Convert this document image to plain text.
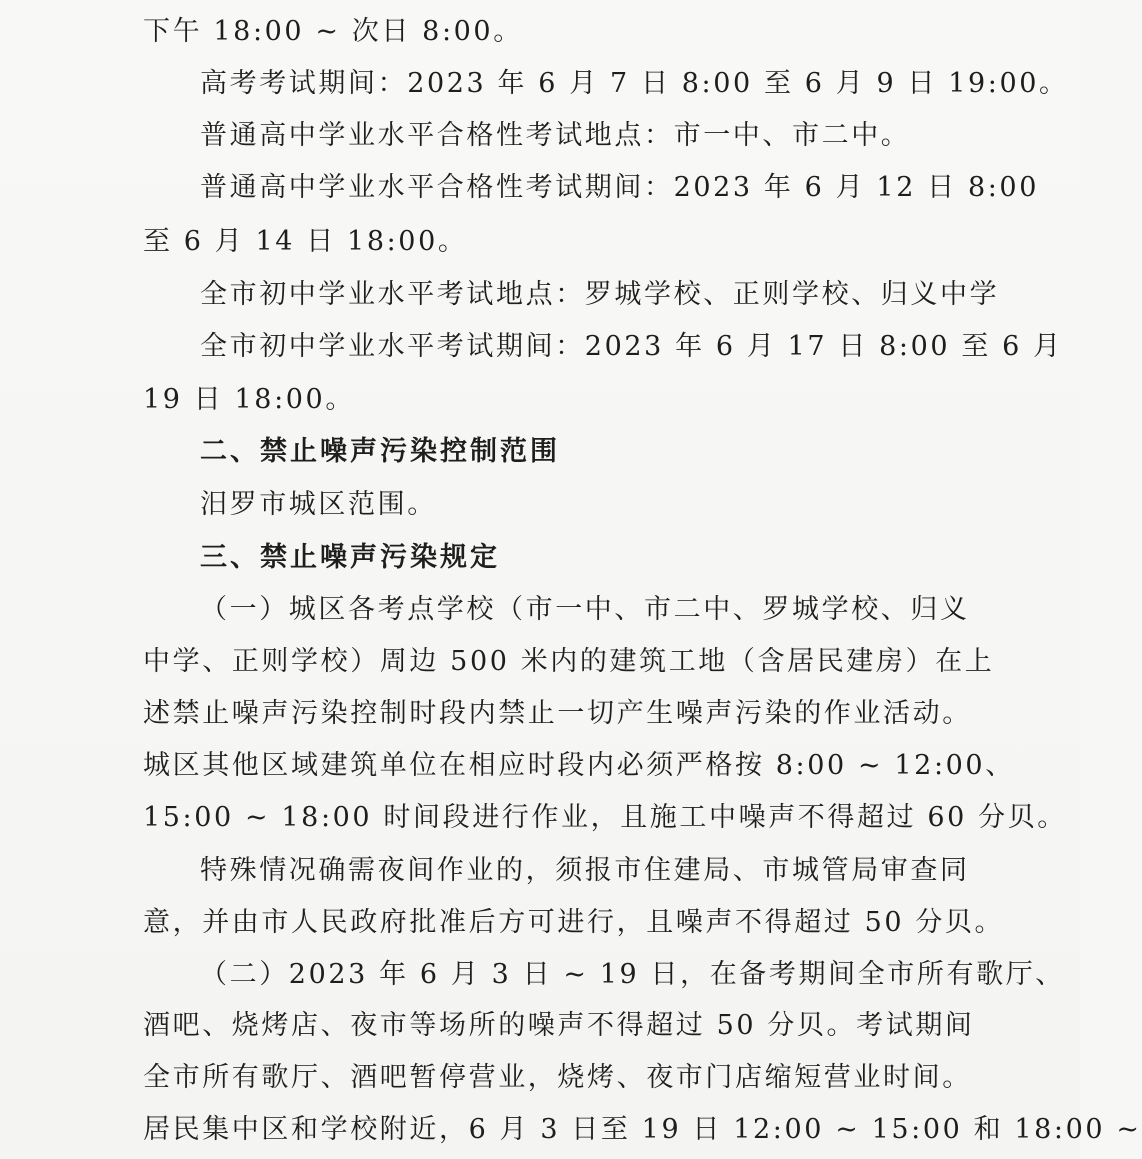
下午 18:00 ~ 次日 8:00。
高考考试期间：2023 年 6 月 7 日 8:00 至 6 月 9 日 19:00。
普通高中学业水平合格性考试地点：市一中、市二中。
普通高中学业水平合格性考试期间：2023 年 6 月 12 日 8:00
至 6 月 14 日 18:00。
全市初中学业水平考试地点：罗城学校、正则学校、归义中学
全市初中学业水平考试期间：2023 年 6 月 17 日 8:00 至 6 月
19 日 18:00。
二、禁止噪声污染控制范围
汨罗市城区范围。
三、禁止噪声污染规定
（一）城区各考点学校（市一中、市二中、罗城学校、归义
中学、正则学校）周边 500 米内的建筑工地（含居民建房）在上
述禁止噪声污染控制时段内禁止一切产生噪声污染的作业活动。
城区其他区域建筑单位在相应时段内必须严格按 8:00 ~ 12:00、
15:00 ~ 18:00 时间段进行作业，且施工中噪声不得超过 60 分贝。
特殊情况确需夜间作业的，须报市住建局、市城管局审查同
意，并由市人民政府批准后方可进行，且噪声不得超过 50 分贝。
（二）2023 年 6 月 3 日 ~ 19 日，在备考期间全市所有歌厅、
酒吧、烧烤店、夜市等场所的噪声不得超过 50 分贝。考试期间
全市所有歌厅、酒吧暂停营业，烧烤、夜市门店缩短营业时间。
居民集中区和学校附近，6 月 3 日至 19 日 12:00 ~ 15:00 和 18:00 ~
